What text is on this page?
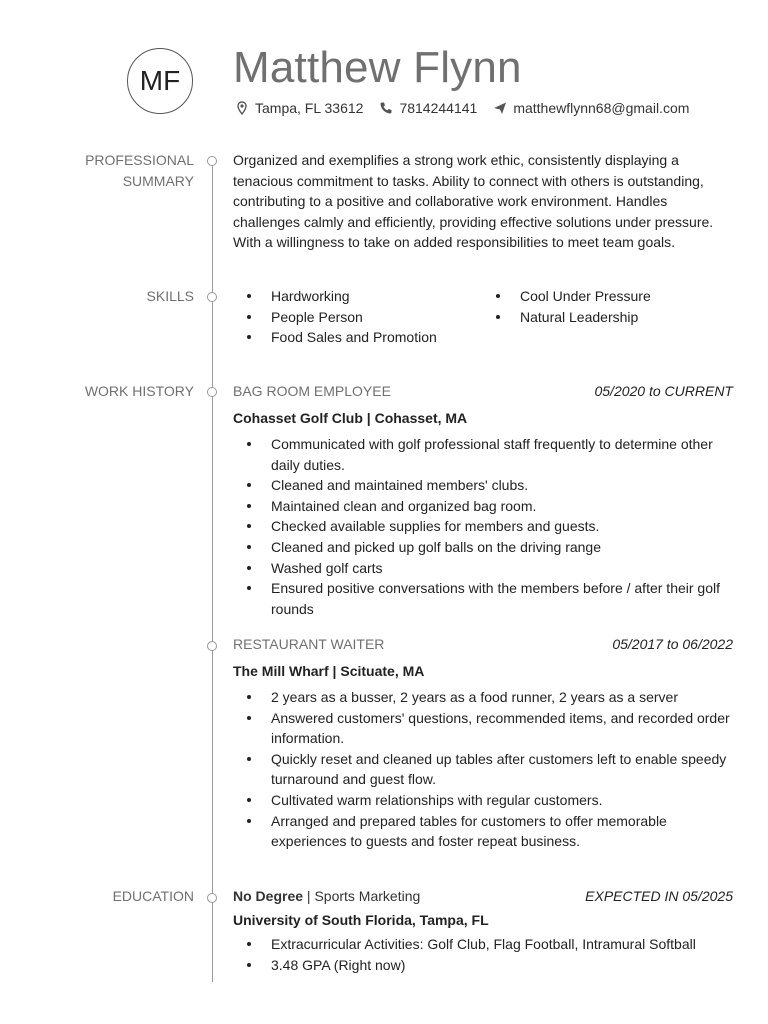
MF Matthew Flynn
Tampa, FL 33612	7814244141	matthewflynn68@gmail.com
PROFESSIONAL
SUMMARY
Organized and exemplifies a strong work ethic, consistently displaying a tenacious commitment to tasks. Ability to connect with others is outstanding, contributing to a positive and collaborative work environment. Handles challenges calmly and efficiently, providing effective solutions under pressure. With a willingness to take on added responsibilities to meet team goals.
SKILLS	Hardworking
People Person
Food Sales and Promotion
Cool Under Pressure
Natural Leadership
WORK HISTORY	BAG ROOM EMPLOYEE	05/2020 to CURRENT
Cohasset Golf Club | Cohasset, MA
Communicated with golf professional staff frequently to determine other daily duties.
Cleaned and maintained members' clubs.
Maintained clean and organized bag room.
Checked available supplies for members and guests.
Cleaned and picked up golf balls on the driving range
Washed golf carts
Ensured positive conversations with the members before / after their golf rounds
RESTAURANT WAITER	05/2017 to 06/2022
The Mill Wharf | Scituate, MA
2 years as a busser, 2 years as a food runner, 2 years as a server
Answered customers' questions, recommended items, and recorded order information.
Quickly reset and cleaned up tables after customers left to enable speedy turnaround and guest flow.
Cultivated warm relationships with regular customers.
Arranged and prepared tables for customers to offer memorable experiences to guests and foster repeat business.
EDUCATION	No Degree | Sports Marketing	EXPECTED IN 05/2025
University of South Florida, Tampa, FL
Extracurricular Activities: Golf Club, Flag Football, Intramural Softball
3.48 GPA (Right now)
